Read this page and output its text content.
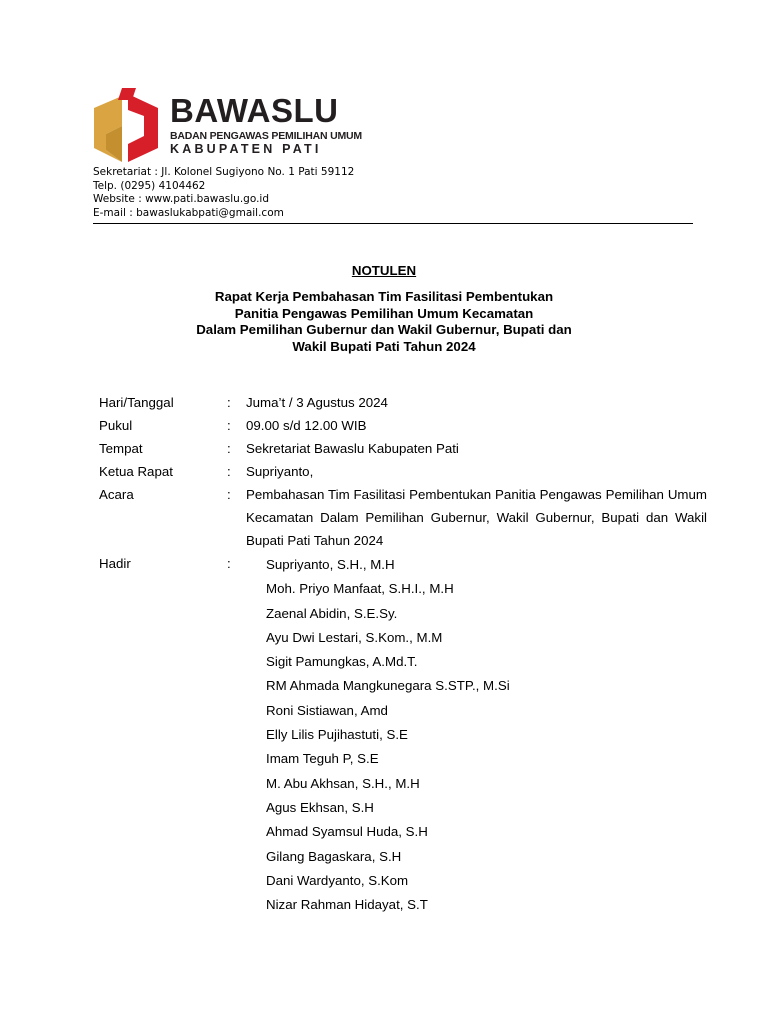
BAWASLU
BADAN PENGAWAS PEMILIHAN UMUM
KABUPATEN PATI
Sekretariat : Jl. Kolonel Sugiyono No. 1 Pati 59112
Telp. (0295) 4104462
Website : www.pati.bawaslu.go.id
E-mail : bawaslukabpati@gmail.com
NOTULEN
Rapat Kerja Pembahasan Tim Fasilitasi Pembentukan
Panitia Pengawas Pemilihan Umum Kecamatan
Dalam Pemilihan Gubernur dan Wakil Gubernur, Bupati dan
Wakil Bupati Pati Tahun 2024
Hari/Tanggal	: Juma’t / 3 Agustus 2024
Pukul	: 09.00 s/d 12.00 WIB
Tempat	: Sekretariat Bawaslu Kabupaten Pati
Ketua Rapat	: Supriyanto,
Acara	: Pembahasan Tim Fasilitasi Pembentukan Panitia Pengawas Pemilihan Umum Kecamatan Dalam Pemilihan Gubernur, Wakil Gubernur, Bupati dan Wakil Bupati Pati Tahun 2024
Hadir	:	Supriyanto, S.H., M.H
Moh. Priyo Manfaat, S.H.I., M.H
Zaenal Abidin, S.E.Sy.
Ayu Dwi Lestari, S.Kom., M.M
Sigit Pamungkas, A.Md.T.
RM Ahmada Mangkunegara S.STP., M.Si
Roni Sistiawan, Amd
Elly Lilis Pujihastuti, S.E
Imam Teguh P, S.E
M. Abu Akhsan, S.H., M.H
Agus Ekhsan, S.H
Ahmad Syamsul Huda, S.H
Gilang Bagaskara, S.H
Dani Wardyanto, S.Kom
Nizar Rahman Hidayat, S.T
